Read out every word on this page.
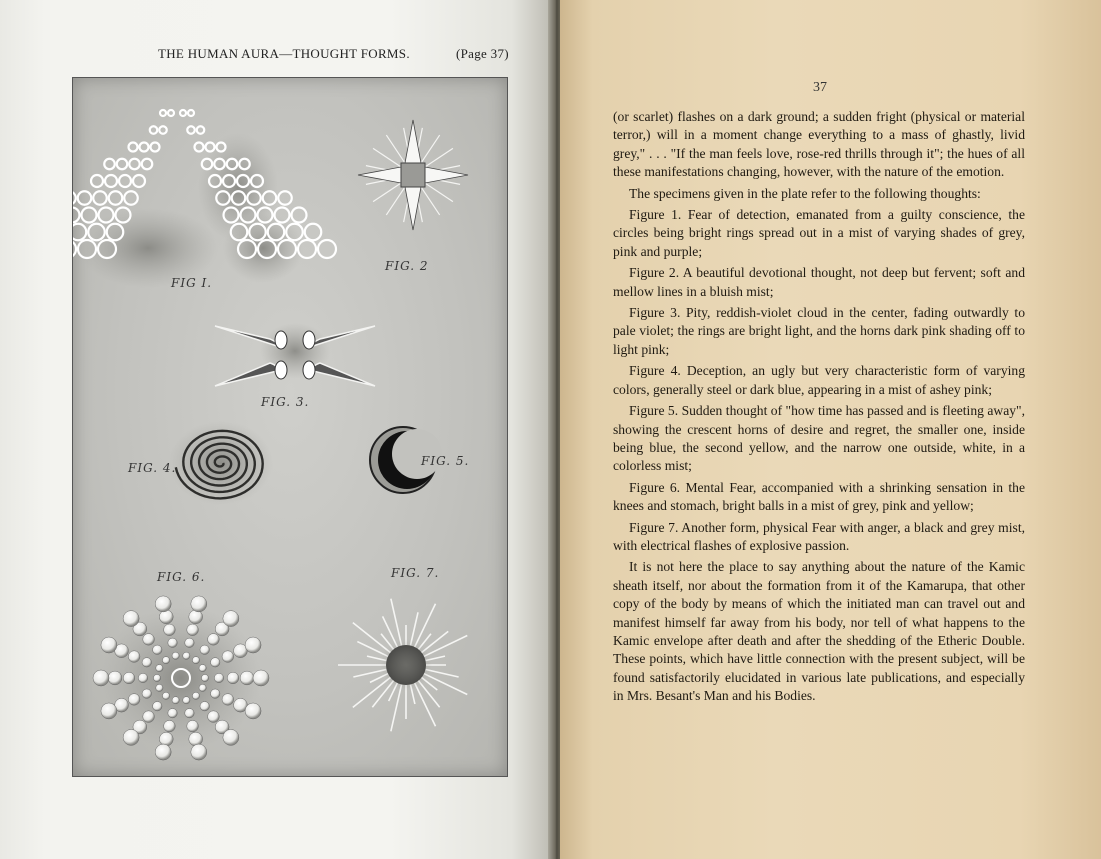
THE HUMAN AURA—THOUGHT FORMS.	(Page 37)
FIG I.
FIG. 2
FIG. 3.
FIG. 4.	FIG. 5.
FIG. 6.	FIG. 7.
37

(or scarlet) flashes on a dark ground; a sudden fright (physical or material terror,) will in a moment change everything to a mass of ghastly, livid grey," . . . "If the man feels love, rose-red thrills through it"; the hues of all these manifestations changing, however, with the nature of the emotion.

The specimens given in the plate refer to the following thoughts:

Figure 1. Fear of detection, emanated from a guilty conscience, the circles being bright rings spread out in a mist of varying shades of grey, pink and purple;

Figure 2. A beautiful devotional thought, not deep but fervent; soft and mellow lines in a bluish mist;

Figure 3. Pity, reddish-violet cloud in the center, fading outwardly to pale violet; the rings are bright light, and the horns dark pink shading off to light pink;

Figure 4. Deception, an ugly but very characteristic form of varying colors, generally steel or dark blue, appearing in a mist of ashey pink;

Figure 5. Sudden thought of "how time has passed and is fleeting away", showing the crescent horns of desire and regret, the smaller one, inside being blue, the second yellow, and the narrow one outside, white, in a colorless mist;

Figure 6. Mental Fear, accompanied with a shrinking sensation in the knees and stomach, bright balls in a mist of grey, pink and yellow;

Figure 7. Another form, physical Fear with anger, a black and grey mist, with electrical flashes of explosive passion.

It is not here the place to say anything about the nature of the Kamic sheath itself, nor about the formation from it of the Kamarupa, that other copy of the body by means of which the initiated man can travel out and manifest himself far away from his body, nor tell of what happens to the Kamic envelope after death and after the shedding of the Etheric Double. These points, which have little connection with the present subject, will be found satisfactorily elucidated in various late publications, and especially in Mrs. Besant's Man and his Bodies.
